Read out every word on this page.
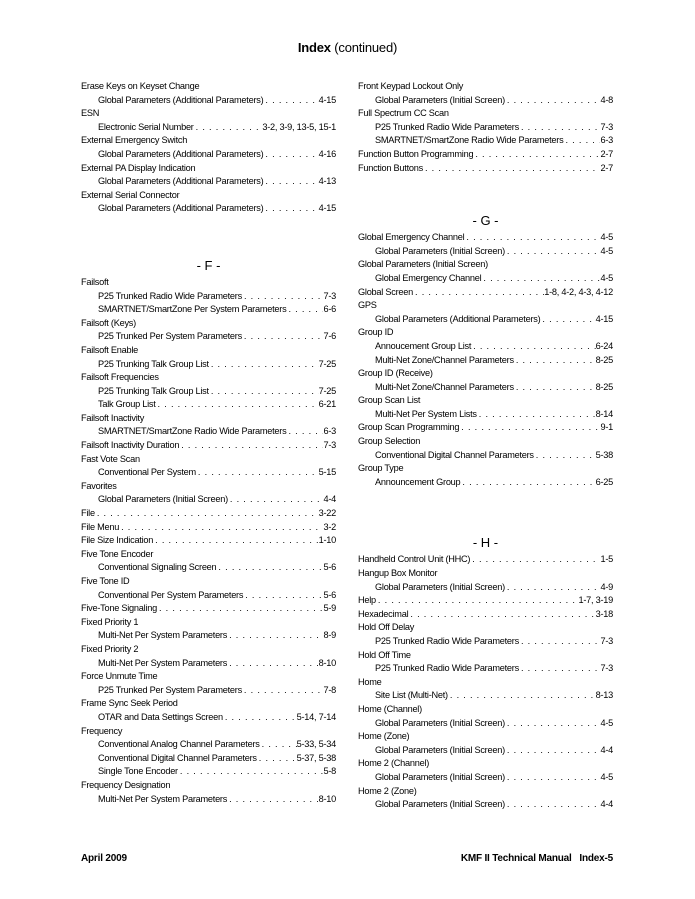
Index (continued)
Erase Keys on Keyset Change
Global Parameters (Additional Parameters) . . .	4-15
ESN
Electronic Serial Number . . .	3-2, 3-9, 13-5, 15-1
External Emergency Switch
Global Parameters (Additional Parameters) . . .	4-16
External PA Display Indication
Global Parameters (Additional Parameters) . . .	4-13
External Serial Connector
Global Parameters (Additional Parameters) . . .	4-15
- F -
Failsoft
P25 Trunked Radio Wide Parameters . . .	7-3
SMARTNET/SmartZone Per System Parameters . . .	6-6
Failsoft (Keys)
P25 Trunked Per System Parameters . . .	7-6
Failsoft Enable
P25 Trunking Talk Group List . . .	7-25
Failsoft Frequencies
P25 Trunking Talk Group List . . .	7-25
Talk Group List . . .	6-21
Failsoft Inactivity
SMARTNET/SmartZone Radio Wide Parameters . . .	6-3
Failsoft Inactivity Duration . . .	7-3
Fast Vote Scan
Conventional Per System . . .	5-15
Favorites
Global Parameters (Initial Screen) . . .	4-4
File . . .	3-22
File Menu . . .	3-2
File Size Indication . . .	1-10
Five Tone Encoder
Conventional Signaling Screen . . .	5-6
Five Tone ID
Conventional Per System Parameters . . .	5-6
Five-Tone Signaling . . .	5-9
Fixed Priority 1
Multi-Net Per System Parameters . . .	8-9
Fixed Priority 2
Multi-Net Per System Parameters . . .	8-10
Force Unmute Time
P25 Trunked Per System Parameters . . .	7-8
Frame Sync Seek Period
OTAR and Data Settings Screen . . .	5-14, 7-14
Frequency
Conventional Analog Channel Parameters . . .	5-33, 5-34
Conventional Digital Channel Parameters . . .	5-37, 5-38
Single Tone Encoder . . .	5-8
Frequency Designation
Multi-Net Per System Parameters . . .	8-10
Front Keypad Lockout Only
Global Parameters (Initial Screen) . . .	4-8
Full Spectrum CC Scan
P25 Trunked Radio Wide Parameters . . .	7-3
SMARTNET/SmartZone Radio Wide Parameters . . .	6-3
Function Button Programming . . .	2-7
Function Buttons . . .	2-7
- G -
Global Emergency Channel . . .	4-5
Global Parameters (Initial Screen) . . .	4-5
Global Parameters (Initial Screen)
Global Emergency Channel . . .	4-5
Global Screen . . .	1-8, 4-2, 4-3, 4-12
GPS
Global Parameters (Additional Parameters) . . .	4-15
Group ID
Annoucement Group List . . .	6-24
Multi-Net Zone/Channel Parameters . . .	8-25
Group ID (Receive)
Multi-Net Zone/Channel Parameters . . .	8-25
Group Scan List
Multi-Net Per System Lists . . .	8-14
Group Scan Programming . . .	9-1
Group Selection
Conventional Digital Channel Parameters . . .	5-38
Group Type
Announcement Group . . .	6-25
- H -
Handheld Control Unit (HHC) . . .	1-5
Hangup Box Monitor
Global Parameters (Initial Screen) . . .	4-9
Help . . .	1-7, 3-19
Hexadecimal . . .	3-18
Hold Off Delay
P25 Trunked Radio Wide Parameters . . .	7-3
Hold Off Time
P25 Trunked Radio Wide Parameters . . .	7-3
Home
Site List (Multi-Net) . . .	8-13
Home (Channel)
Global Parameters (Initial Screen) . . .	4-5
Home (Zone)
Global Parameters (Initial Screen) . . .	4-4
Home 2 (Channel)
Global Parameters (Initial Screen) . . .	4-5
Home 2 (Zone)
Global Parameters (Initial Screen) . . .	4-4
April 2009	KMF II Technical Manual Index-5
